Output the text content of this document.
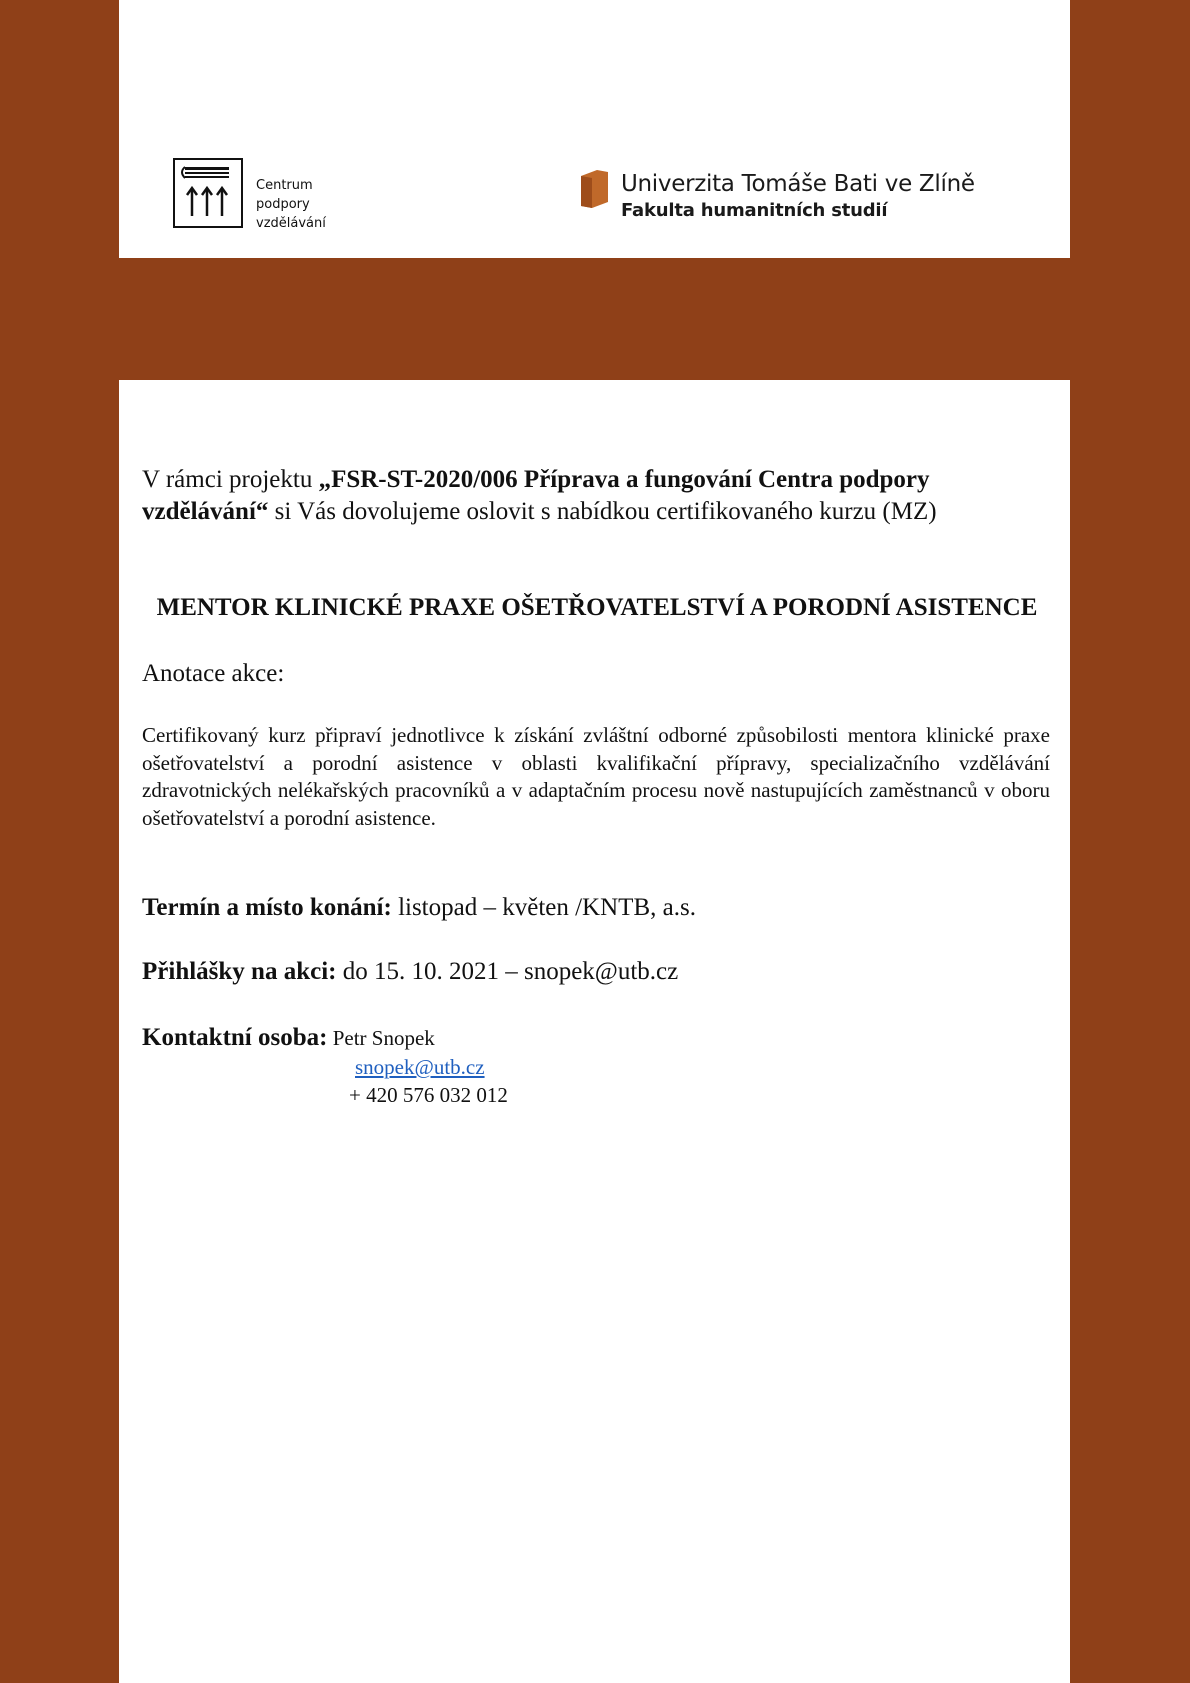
Centrum
podpory
vzdělávání
Univerzita Tomáše Bati ve Zlíně
Fakulta humanitních studií
V rámci projektu „FSR-ST-2020/006 Příprava a fungování Centra podpory vzdělávání“ si Vás dovolujeme oslovit s nabídkou certifikovaného kurzu (MZ)
MENTOR KLINICKÉ PRAXE OŠETŘOVATELSTVÍ A PORODNÍ ASISTENCE
Anotace akce:
Certifikovaný kurz připraví jednotlivce k získání zvláštní odborné způsobilosti mentora klinické praxe ošetřovatelství a porodní asistence v oblasti kvalifikační přípravy, specializačního vzdělávání zdravotnických nelékařských pracovníků a v adaptačním procesu nově nastupujících zaměstnanců v oboru ošetřovatelství a porodní asistence.
Termín a místo konání: listopad – květen /KNTB, a.s.
Přihlášky na akci: do 15. 10. 2021 – snopek@utb.cz
Kontaktní osoba: Petr Snopek
snopek@utb.cz
+ 420 576 032 012
